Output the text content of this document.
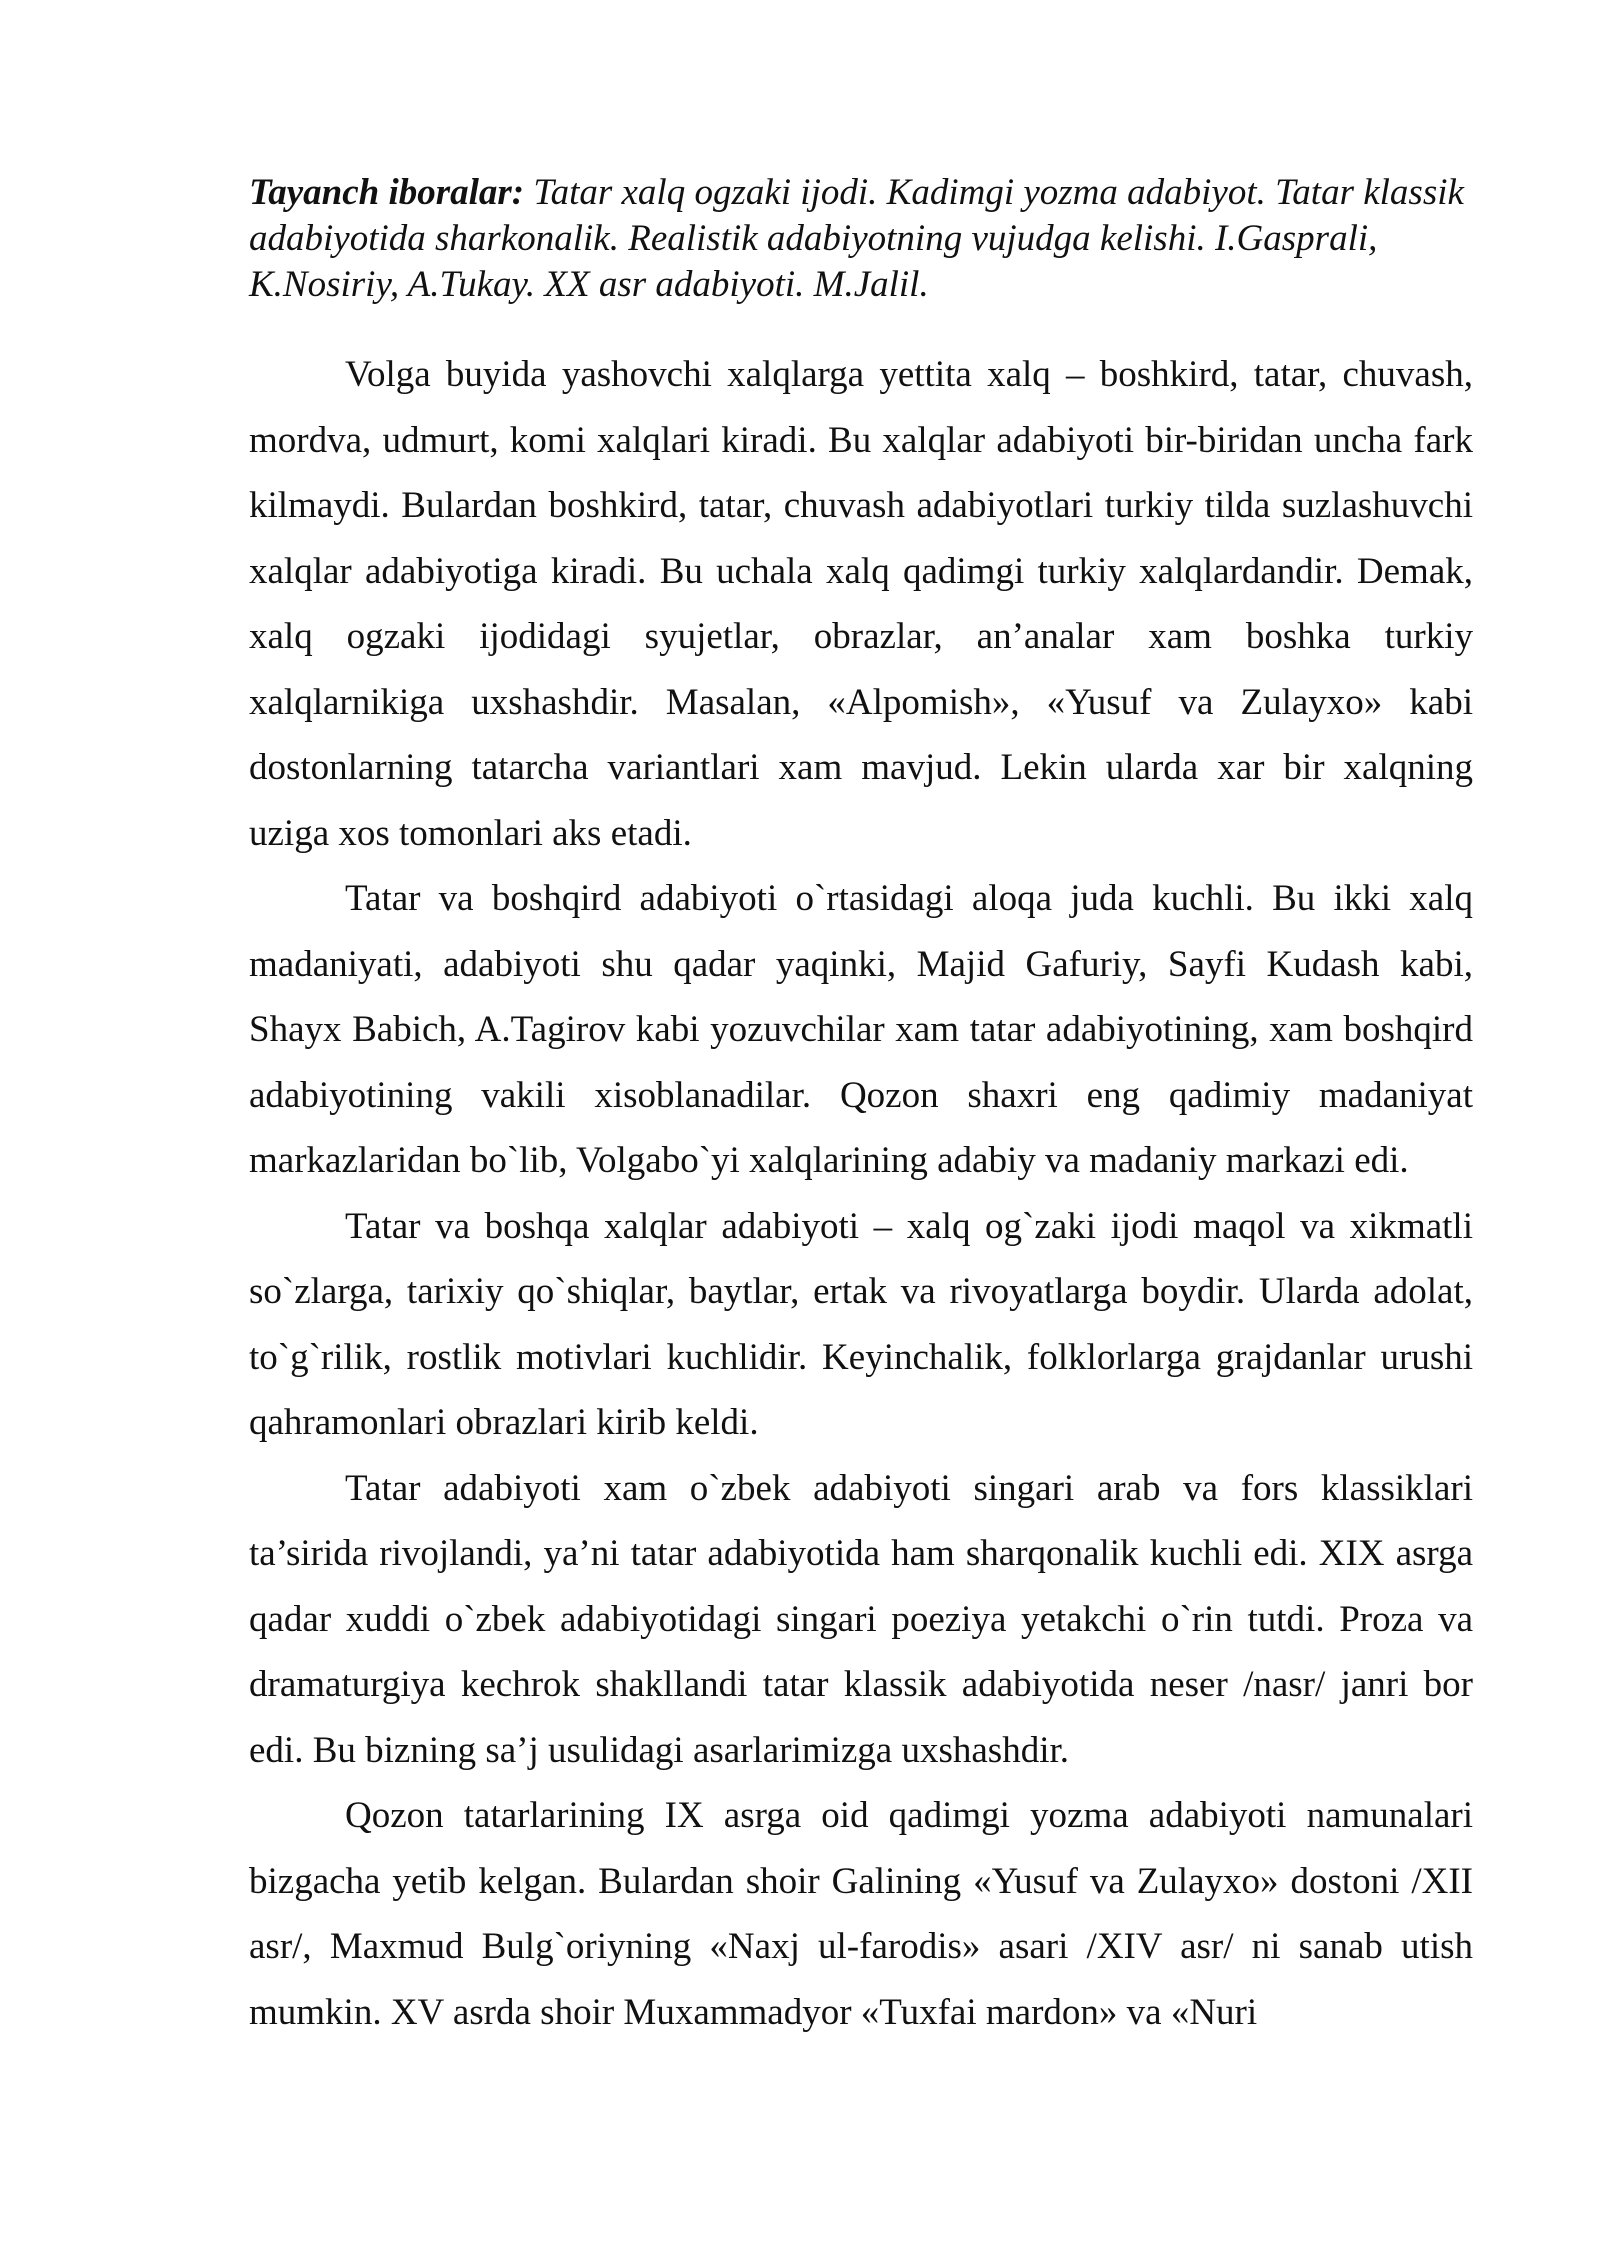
Tayanch iboralar: Tatar xalq ogzaki ijodi. Kadimgi yozma adabiyot. Tatar klassik adabiyotida sharkonalik. Realistik adabiyotning vujudga kelishi. I.Gasprali, K.Nosiriy, A.Tukay. XX asr adabiyoti. M.Jalil.

Volga buyida yashovchi xalqlarga yettita xalq – boshkird, tatar, chuvash, mordva, udmurt, komi xalqlari kiradi. Bu xalqlar adabiyoti bir-biridan uncha fark kilmaydi. Bulardan boshkird, tatar, chuvash adabiyotlari turkiy tilda suzlashuvchi xalqlar adabiyotiga kiradi. Bu uchala xalq qadimgi turkiy xalqlardandir. Demak, xalq ogzaki ijodidagi syujetlar, obrazlar, an’analar xam boshka turkiy xalqlarnikiga uxshashdir. Masalan, «Alpomish», «Yusuf va Zulayxo» kabi dostonlarning tatarcha variantlari xam mavjud. Lekin ularda xar bir xalqning uziga xos tomonlari aks etadi.

Tatar va boshqird adabiyoti o`rtasidagi aloqa juda kuchli. Bu ikki xalq madaniyati, adabiyoti shu qadar yaqinki, Majid Gafuriy, Sayfi Kudash kabi, Shayx Babich, A.Tagirov kabi yozuvchilar xam tatar adabiyotining, xam boshqird adabiyotining vakili xisoblanadilar. Qozon shaxri eng qadimiy madaniyat markazlaridan bo`lib, Volgabo`yi xalqlarining adabiy va madaniy markazi edi.

Tatar va boshqa xalqlar adabiyoti – xalq og`zaki ijodi maqol va xikmatli so`zlarga, tarixiy qo`shiqlar, baytlar, ertak va rivoyatlarga boydir. Ularda adolat, to`g`rilik, rostlik motivlari kuchlidir. Keyinchalik, folklorlarga grajdanlar urushi qahramonlari obrazlari kirib keldi.

Tatar adabiyoti xam o`zbek adabiyoti singari arab va fors klassiklari ta’sirida rivojlandi, ya’ni tatar adabiyotida ham sharqonalik kuchli edi. XIX asrga qadar xuddi o`zbek adabiyotidagi singari poeziya yetakchi o`rin tutdi. Proza va dramaturgiya kechrok shakllandi tatar klassik adabiyotida neser /nasr/ janri bor edi. Bu bizning sa’j usulidagi asarlarimizga uxshashdir.

Qozon tatarlarining IX asrga oid qadimgi yozma adabiyoti namunalari bizgacha yetib kelgan. Bulardan shoir Galining «Yusuf va Zulayxo» dostoni /XII asr/, Maxmud Bulg`oriyning «Naxj ul-farodis» asari /XIV asr/ ni sanab utish mumkin. XV asrda shoir Muxammadyor «Tuxfai mardon» va «Nuri
